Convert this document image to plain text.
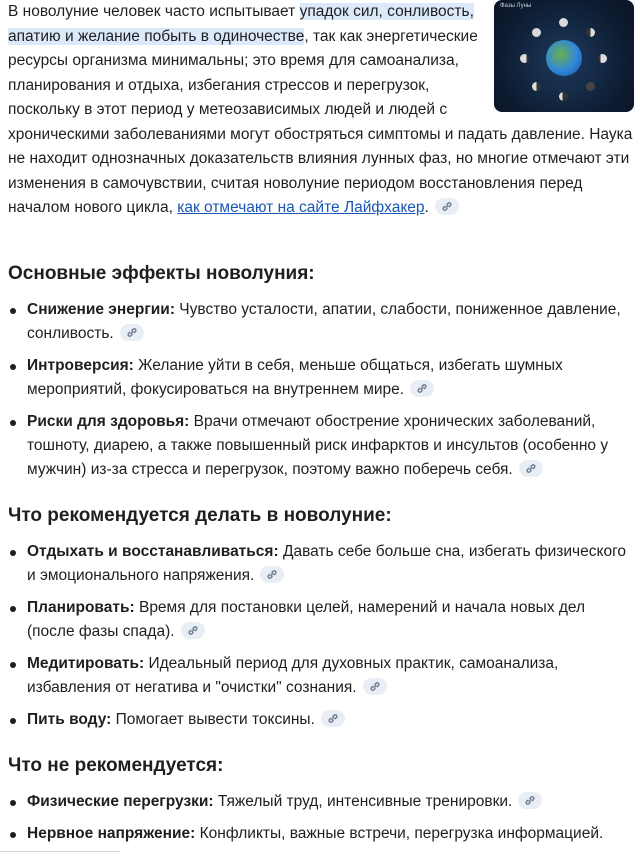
Фазы Луны

В новолуние человек часто испытывает упадок сил, сонливость, апатию и желание побыть в одиночестве, так как энергетические ресурсы организма минимальны; это время для самоанализа, планирования и отдыха, избегания стрессов и перегрузок, поскольку в этот период у метеозависимых людей и людей с хроническими заболеваниями могут обостряться симптомы и падать давление. Наука не находит однозначных доказательств влияния лунных фаз, но многие отмечают эти изменения в самочувствии, считая новолуние периодом восстановления перед началом нового цикла, как отмечают на сайте Лайфхакер.

Основные эффекты новолуния:
Снижение энергии: Чувство усталости, апатии, слабости, пониженное давление, сонливость.
Интроверсия: Желание уйти в себя, меньше общаться, избегать шумных мероприятий, фокусироваться на внутреннем мире.
Риски для здоровья: Врачи отмечают обострение хронических заболеваний, тошноту, диарею, а также повышенный риск инфарктов и инсультов (особенно у мужчин) из-за стресса и перегрузок, поэтому важно поберечь себя.
Что рекомендуется делать в новолуние:
Отдыхать и восстанавливаться: Давать себе больше сна, избегать физического и эмоционального напряжения.
Планировать: Время для постановки целей, намерений и начала новых дел (после фазы спада).
Медитировать: Идеальный период для духовных практик, самоанализа, избавления от негатива и "очистки" сознания.
Пить воду: Помогает вывести токсины.
Что не рекомендуется:
Физические перегрузки: Тяжелый труд, интенсивные тренировки.
Нервное напряжение: Конфликты, важные встречи, перегрузка информацией.
